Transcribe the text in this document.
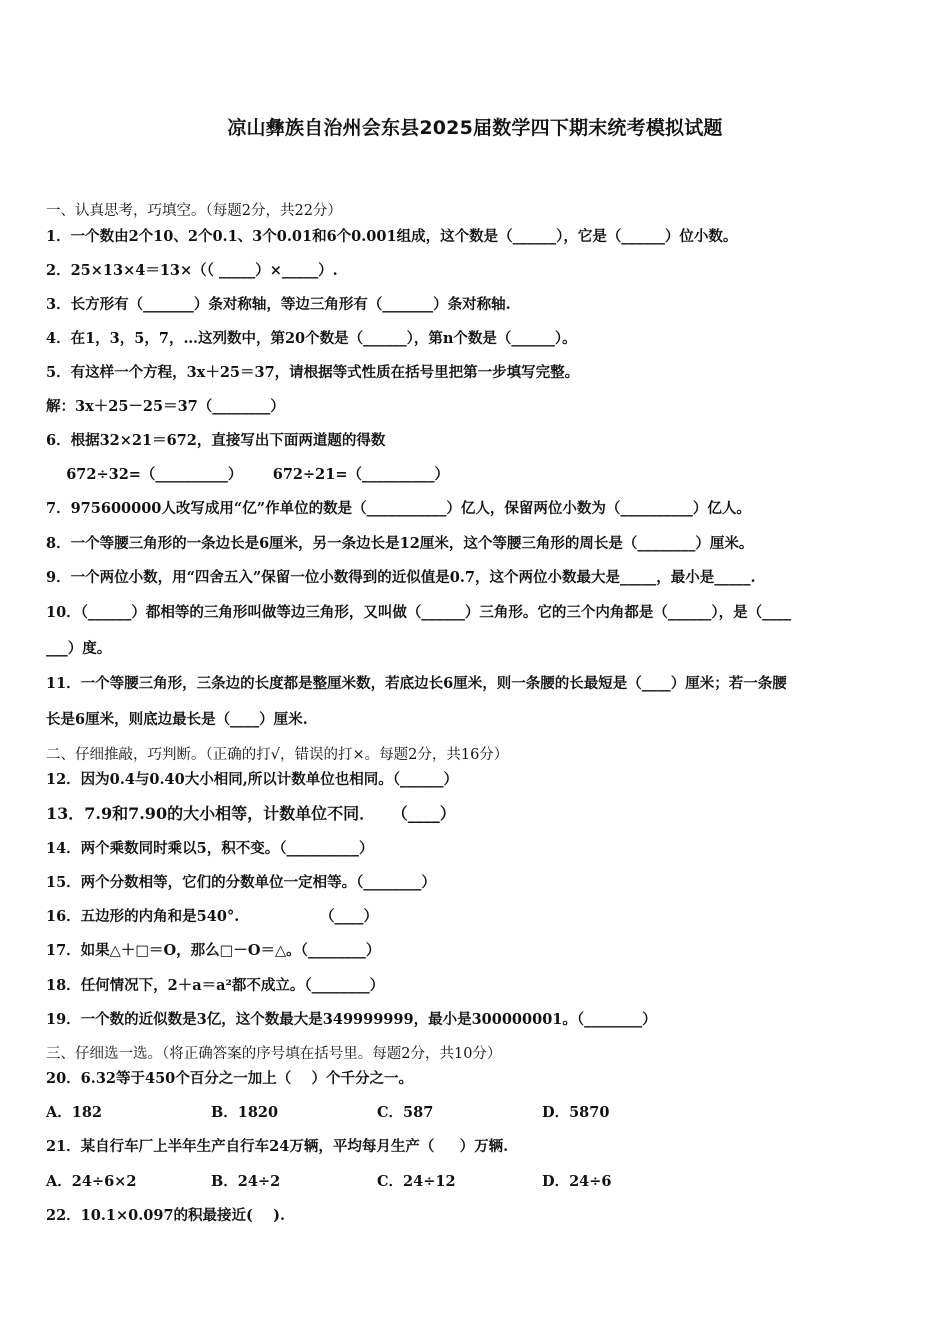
凉山彝族自治州会东县2025届数学四下期末统考模拟试题
一、认真思考，巧填空。（每题2分，共22分）
1．一个数由2个10、2个0.1、3个0.01和6个0.001组成，这个数是（______），它是（______）位小数。
2．25×13×4＝13×（（ _____）×_____）.
3．长方形有（_______）条对称轴，等边三角形有（_______）条对称轴.
4．在1，3，5，7，…这列数中，第20个数是（______），第n个数是（______）。
5．有这样一个方程，3x＋25＝37，请根据等式性质在括号里把第一步填写完整。
解：3x＋25－25＝37（________）
6．根据32×21＝672，直接写出下面两道题的得数
672÷32=（__________）      672÷21=（__________）
7．975600000人改写成用“亿”作单位的数是（___________）亿人，保留两位小数为（__________）亿人。
8．一个等腰三角形的一条边长是6厘米，另一条边长是12厘米，这个等腰三角形的周长是（________）厘米。
9．一个两位小数，用“四舍五入”保留一位小数得到的近似值是0.7，这个两位小数最大是_____，最小是_____.
10．（______）都相等的三角形叫做等边三角形，又叫做（______）三角形。它的三个内角都是（______），是（____
___）度。
11．一个等腰三角形，三条边的长度都是整厘米数，若底边长6厘米，则一条腰的长最短是（____）厘米；若一条腰
长是6厘米，则底边最长是（____）厘米.
二、仔细推敲，巧判断。（正确的打√，错误的打×。每题2分，共16分）
12．因为0.4与0.40大小相同,所以计数单位也相同。（______）
13．7.9和7.90的大小相等，计数单位不同．   （____）
14．两个乘数同时乘以5，积不变。（__________）
15．两个分数相等，它们的分数单位一定相等。（________）
16．五边形的内角和是540°.                （____）
17．如果△＋□＝O，那么□－O＝△。（________）
18．任何情况下，2＋a＝a²都不成立。（________）
19．一个数的近似数是3亿，这个数最大是349999999，最小是300000001。（________）
三、仔细选一选。（将正确答案的序号填在括号里。每题2分，共10分）
20．6.32等于450个百分之一加上（    ）个千分之一。
A．182	B．1820	C．587	D．5870
21．某自行车厂上半年生产自行车24万辆，平均每月生产（     ）万辆.
A．24÷6×2	B．24÷2	C．24÷12	D．24÷6
22．10.1×0.097的积最接近(    ).
